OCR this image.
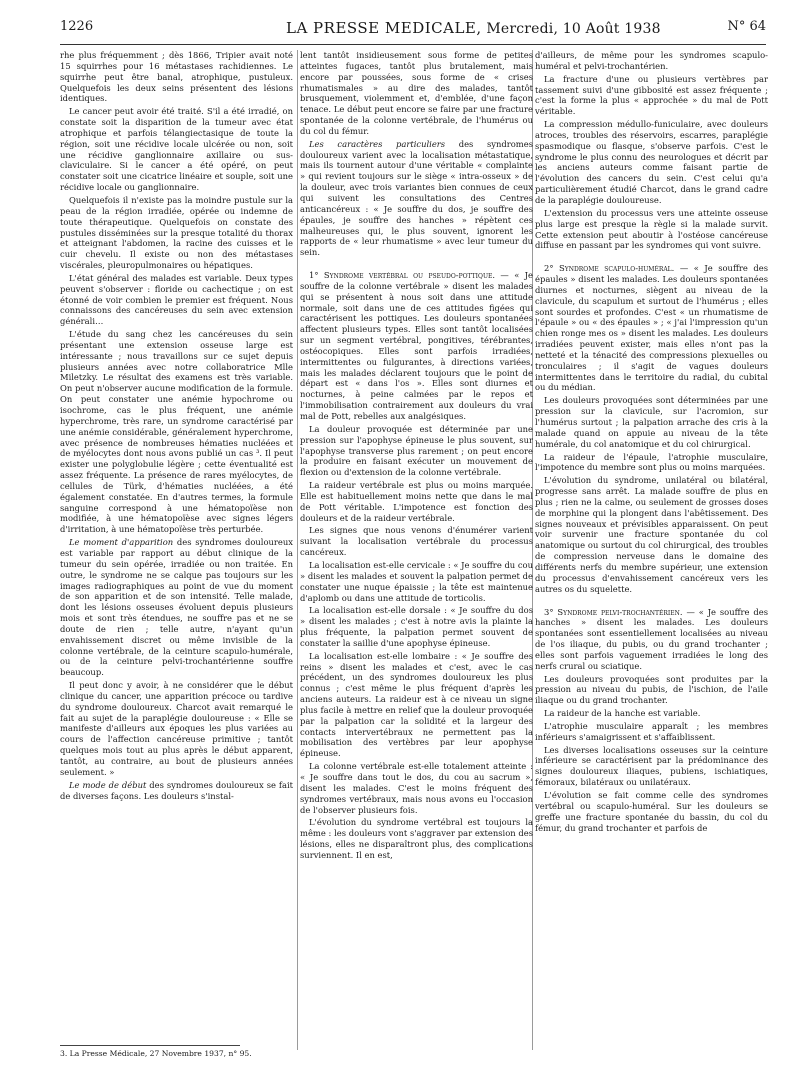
1226	LA PRESSE MEDICALE, Mercredi, 10 Août 1938	N° 64

rhe plus fréquemment ; dès 1866, Tripier avait noté 15 squirrhes pour 16 métastases rachidiennes. Le squirrhe peut être banal, atrophique, pustuleux. Quelquefois les deux seins présentent des lésions identiques.

Le cancer peut avoir été traité. S'il a été irradié, on constate soit la disparition de la tumeur avec état atrophique et parfois télangiectasique de toute la région, soit une récidive locale ulcérée ou non, soit une récidive ganglionnaire axillaire ou sus-claviculaire. Si le cancer a été opéré, on peut constater soit une cicatrice linéaire et souple, soit une récidive locale ou ganglionnaire.

Quelquefois il n'existe pas la moindre pustule sur la peau de la région irradiée, opérée ou indemne de toute thérapeutique. Quelquefois on constate des pustules disséminées sur la presque totalité du thorax et atteignant l'abdomen, la racine des cuisses et le cuir chevelu. Il existe ou non des métastases viscérales, pleuropulmonaires ou hépatiques.

L'état général des malades est variable. Deux types peuvent s'observer : floride ou cachectique ; on est étonné de voir combien le premier est fréquent. Nous connaissons des cancéreuses du sein avec extension générali…

L'étude du sang chez les cancéreuses du sein présentant une extension osseuse large est intéressante ; nous travaillons sur ce sujet depuis plusieurs années avec notre collaboratrice Mlle Miletzky. Le résultat des examens est très variable. On peut n'observer aucune modification de la formule. On peut constater une anémie hypochrome ou isochrome, cas le plus fréquent, une anémie hyperchrome, très rare, un syndrome caractérisé par une anémie considérable, généralement hyperchrome, avec présence de nombreuses hématies nucléées et de myélocytes dont nous avons publié un cas ³. Il peut exister une polyglobulie légère ; cette éventualité est assez fréquente. La présence de rares myélocytes, de cellules de Türk, d'hématies nucléées, a été également constatée. En d'autres termes, la formule sanguine correspond à une hématopoïèse non modifiée, à une hématopoïèse avec signes légers d'irritation, à une hématopoïèse très perturbée.

Le moment d'apparition des syndromes douloureux est variable par rapport au début clinique de la tumeur du sein opérée, irradiée ou non traitée. En outre, le syndrome ne se calque pas toujours sur les images radiographiques au point de vue du moment de son apparition et de son intensité. Telle malade, dont les lésions osseuses évoluent depuis plusieurs mois et sont très étendues, ne souffre pas et ne se doute de rien ; telle autre, n'ayant qu'un envahissement discret ou même invisible de la colonne vertébrale, de la ceinture scapulo-humérale, ou de la ceinture pelvi-trochantérienne souffre beaucoup.

Il peut donc y avoir, à ne considérer que le début clinique du cancer, une apparition précoce ou tardive du syndrome douloureux. Charcot avait remarqué le fait au sujet de la paraplégie douloureuse : « Elle se manifeste d'ailleurs aux époques les plus variées au cours de l'affection cancéreuse primitive ; tantôt quelques mois tout au plus après le début apparent, tantôt, au contraire, au bout de plusieurs années seulement. »

Le mode de début des syndromes douloureux se fait de diverses façons. Les douleurs s'instal-

3. La Presse Médicale, 27 Novembre 1937, n° 95.

lent tantôt insidieusement sous forme de petites atteintes fugaces, tantôt plus brutalement, mais encore par poussées, sous forme de « crises rhumatismales » au dire des malades, tantôt brusquement, violemment et, d'emblée, d'une façon tenace. Le début peut encore se faire par une fracture spontanée de la colonne vertébrale, de l'humérus ou du col du fémur.

Les caractères particuliers des syndromes douloureux varient avec la localisation métastatique, mais ils tournent autour d'une véritable « complainte » qui revient toujours sur le siège « intra-osseux » de la douleur, avec trois variantes bien connues de ceux qui suivent les consultations des Centres anticancéreux : « Je souffre du dos, je souffre des épaules, je souffre des hanches » répètent ces malheureuses qui, le plus souvent, ignorent les rapports de « leur rhumatisme » avec leur tumeur du sein.

1° Syndrome vertébral ou pseudo-pottique. — « Je souffre de la colonne vertébrale » disent les malades qui se présentent à nous soit dans une attitude normale, soit dans une de ces attitudes figées qui caractérisent les pottiques. Les douleurs spontanées affectent plusieurs types. Elles sont tantôt localisées sur un segment vertébral, pongitives, térébrantes, ostéocopiques. Elles sont parfois irradiées, intermittentes ou fulgurantes, à directions variées, mais les malades déclarent toujours que le point de départ est « dans l'os ». Elles sont diurnes et nocturnes, à peine calmées par le repos et l'immobilisation contrairement aux douleurs du vrai mal de Pott, rebelles aux analgésiques.

La douleur provoquée est déterminée par une pression sur l'apophyse épineuse le plus souvent, sur l'apophyse transverse plus rarement ; on peut encore la produire en faisant exécuter un mouvement de flexion ou d'extension de la colonne vertébrale.

La raideur vertébrale est plus ou moins marquée. Elle est habituellement moins nette que dans le mal de Pott véritable. L'impotence est fonction des douleurs et de la raideur vertébrale.

Les signes que nous venons d'énumérer varient suivant la localisation vertébrale du processus cancéreux.

La localisation est-elle cervicale : « Je souffre du cou » disent les malades et souvent la palpation permet de constater une nuque épaissie ; la tête est maintenue d'aplomb ou dans une attitude de torticolis.

La localisation est-elle dorsale : « Je souffre du dos » disent les malades ; c'est à notre avis la plainte la plus fréquente, la palpation permet souvent de constater la saillie d'une apophyse épineuse.

La localisation est-elle lombaire : « Je souffre des reins » disent les malades et c'est, avec le cas précédent, un des syndromes douloureux les plus connus ; c'est même le plus fréquent d'après les anciens auteurs. La raideur est à ce niveau un signe plus facile à mettre en relief que la douleur provoquée par la palpation car la solidité et la largeur des contacts intervertébraux ne permettent pas la mobilisation des vertèbres par leur apophyse épineuse.

La colonne vertébrale est-elle totalement atteinte : « Je souffre dans tout le dos, du cou au sacrum », disent les malades. C'est le moins fréquent des syndromes vertébraux, mais nous avons eu l'occasion de l'observer plusieurs fois.

L'évolution du syndrome vertébral est toujours la même : les douleurs vont s'aggraver par extension des lésions, elles ne disparaîtront plus, des complications surviennent. Il en est,

d'ailleurs, de même pour les syndromes scapulo-huméral et pelvi-trochantérien.

La fracture d'une ou plusieurs vertèbres par tassement suivi d'une gibbosité est assez fréquente ; c'est la forme la plus « approchée » du mal de Pott véritable.

La compression médullo-funiculaire, avec douleurs atroces, troubles des réservoirs, escarres, paraplégie spasmodique ou flasque, s'observe parfois. C'est le syndrome le plus connu des neurologues et décrit par les anciens auteurs comme faisant partie de l'évolution des cancers du sein. C'est celui qu'a particulièrement étudié Charcot, dans le grand cadre de la paraplégie douloureuse.

L'extension du processus vers une atteinte osseuse plus large est presque la règle si la malade survit. Cette extension peut aboutir à l'ostéose cancéreuse diffuse en passant par les syndromes qui vont suivre.

2° Syndrome scapulo-huméral. — « Je souffre des épaules » disent les malades. Les douleurs spontanées diurnes et nocturnes, siègent au niveau de la clavicule, du scapulum et surtout de l'humérus ; elles sont sourdes et profondes. C'est « un rhumatisme de l'épaule » ou « des épaules » ; « j'ai l'impression qu'un chien ronge mes os » disent les malades. Les douleurs irradiées peuvent exister, mais elles n'ont pas la netteté et la ténacité des compressions plexuelles ou tronculaires ; il s'agit de vagues douleurs intermittentes dans le territoire du radial, du cubital ou du médian.

Les douleurs provoquées sont déterminées par une pression sur la clavicule, sur l'acromion, sur l'humérus surtout ; la palpation arrache des cris à la malade quand on appuie au niveau de la tête humérale, du col anatomique et du col chirurgical.

La raideur de l'épaule, l'atrophie musculaire, l'impotence du membre sont plus ou moins marquées.

L'évolution du syndrome, unilatéral ou bilatéral, progresse sans arrêt. La malade souffre de plus en plus ; rien ne la calme, ou seulement de grosses doses de morphine qui la plongent dans l'abêtissement. Des signes nouveaux et prévisibles apparaissent. On peut voir survenir une fracture spontanée du col anatomique ou surtout du col chirurgical, des troubles de compression nerveuse dans le domaine des différents nerfs du membre supérieur, une extension du processus d'envahissement cancéreux vers les autres os du squelette.

3° Syndrome pelvi-trochantérien. — « Je souffre des hanches » disent les malades. Les douleurs spontanées sont essentiellement localisées au niveau de l'os iliaque, du pubis, ou du grand trochanter ; elles sont parfois vaguement irradiées le long des nerfs crural ou sciatique.

Les douleurs provoquées sont produites par la pression au niveau du pubis, de l'ischion, de l'aile iliaque ou du grand trochanter.

La raideur de la hanche est variable.

L'atrophie musculaire apparaît ; les membres inférieurs s'amaigrissent et s'affaiblissent.

Les diverses localisations osseuses sur la ceinture inférieure se caractérisent par la prédominance des signes douloureux iliaques, pubiens, ischiatiques, fémoraux, bilatéraux ou unilatéraux.

L'évolution se fait comme celle des syndromes vertébral ou scapulo-huméral. Sur les douleurs se greffe une fracture spontanée du bassin, du col du fémur, du grand trochanter et parfois de
